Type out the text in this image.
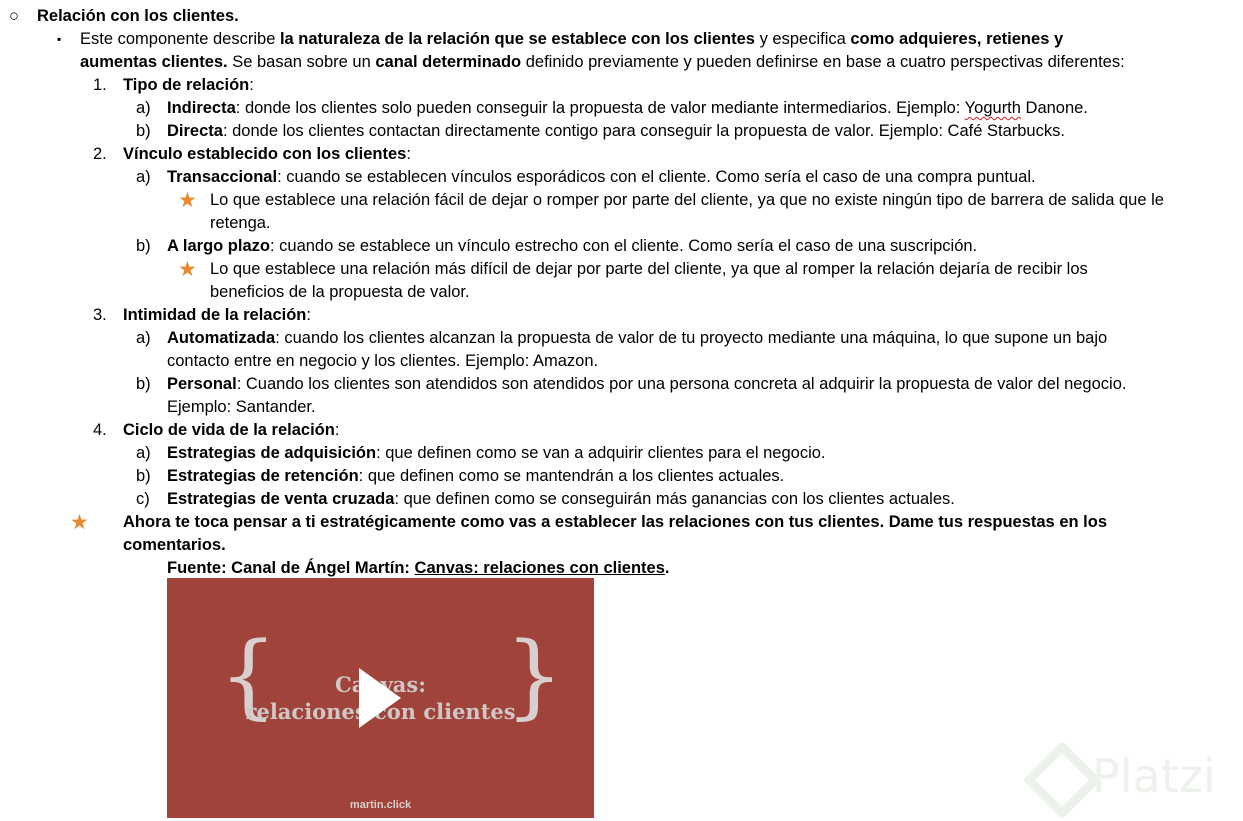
○ Relación con los clientes.
▪ Este componente describe la naturaleza de la relación que se establece con los clientes y especifica como adquieres, retienes y
aumentas clientes. Se basan sobre un canal determinado definido previamente y pueden definirse en base a cuatro perspectivas diferentes:
1. Tipo de relación:
a) Indirecta: donde los clientes solo pueden conseguir la propuesta de valor mediante intermediarios. Ejemplo: Yogurth Danone.
b) Directa: donde los clientes contactan directamente contigo para conseguir la propuesta de valor. Ejemplo: Café Starbucks.
2. Vínculo establecido con los clientes:
a) Transaccional: cuando se establecen vínculos esporádicos con el cliente. Como sería el caso de una compra puntual.
★ Lo que establece una relación fácil de dejar o romper por parte del cliente, ya que no existe ningún tipo de barrera de salida que le
retenga.
b) A largo plazo: cuando se establece un vínculo estrecho con el cliente. Como sería el caso de una suscripción.
★ Lo que establece una relación más difícil de dejar por parte del cliente, ya que al romper la relación dejaría de recibir los
beneficios de la propuesta de valor.
3. Intimidad de la relación:
a) Automatizada: cuando los clientes alcanzan la propuesta de valor de tu proyecto mediante una máquina, lo que supone un bajo
contacto entre en negocio y los clientes. Ejemplo: Amazon.
b) Personal: Cuando los clientes son atendidos son atendidos por una persona concreta al adquirir la propuesta de valor del negocio.
Ejemplo: Santander.
4. Ciclo de vida de la relación:
a) Estrategias de adquisición: que definen como se van a adquirir clientes para el negocio.
b) Estrategias de retención: que definen como se mantendrán a los clientes actuales.
c) Estrategias de venta cruzada: que definen como se conseguirán más ganancias con los clientes actuales.
★ Ahora te toca pensar a ti estratégicamente como vas a establecer las relaciones con tus clientes. Dame tus respuestas en los
comentarios.
Fuente: Canal de Ángel Martín: Canvas: relaciones con clientes.
{ }
Canvas:
relaciones con clientes
martin.click
Platzi
